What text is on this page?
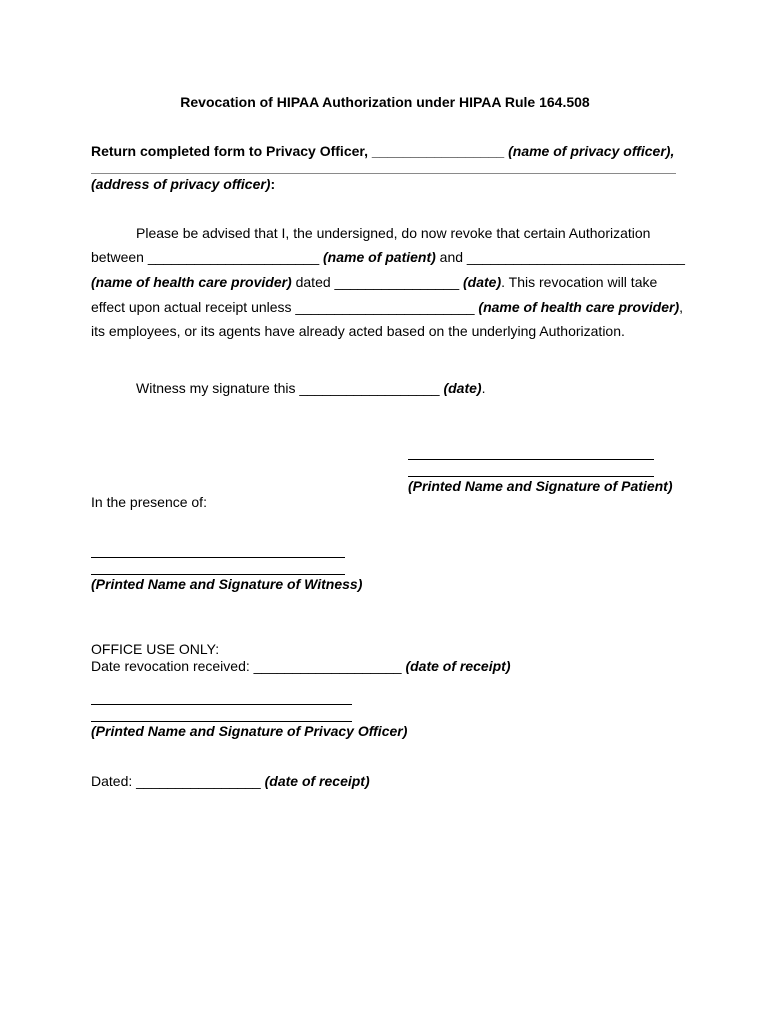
Revocation of HIPAA Authorization under HIPAA Rule 164.508
Return completed form to Privacy Officer, _________________ (name of privacy officer),
(address of privacy officer):
Please be advised that I, the undersigned, do now revoke that certain Authorization
between ______________________ (name of patient) and ____________________________
(name of health care provider) dated ________________ (date). This revocation will take
effect upon actual receipt unless _______________________ (name of health care provider),
its employees, or its agents have already acted based on the underlying Authorization.
Witness my signature this __________________ (date).
(Printed Name and Signature of Patient)
In the presence of:
(Printed Name and Signature of Witness)
OFFICE USE ONLY:
Date revocation received: ___________________ (date of receipt)
(Printed Name and Signature of Privacy Officer)
Dated: ________________ (date of receipt)
